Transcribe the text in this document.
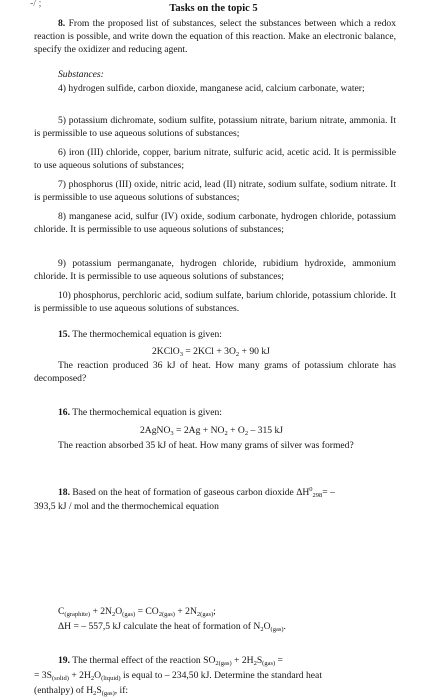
-/ ;	Tasks on the topic 5
8. From the proposed list of substances, select the substances between which a redox reaction is possible, and write down the equation of this reaction. Make an electronic balance, specify the oxidizer and reducing agent.
Substances:
4) hydrogen sulfide, carbon dioxide, manganese acid, calcium carbonate, water;
5) potassium dichromate, sodium sulfite, potassium nitrate, barium nitrate, ammonia. It is permissible to use aqueous solutions of substances;
6) iron (III) chloride, copper, barium nitrate, sulfuric acid, acetic acid. It is permissible to use aqueous solutions of substances;
7) phosphorus (III) oxide, nitric acid, lead (II) nitrate, sodium sulfate, sodium nitrate. It is permissible to use aqueous solutions of substances;
8) manganese acid, sulfur (IV) oxide, sodium carbonate, hydrogen chloride, potassium chloride. It is permissible to use aqueous solutions of substances;
9) potassium permanganate, hydrogen chloride, rubidium hydroxide, ammonium chloride. It is permissible to use aqueous solutions of substances;
10) phosphorus, perchloric acid, sodium sulfate, barium chloride, potassium chloride. It is permissible to use aqueous solutions of substances.
15. The thermochemical equation is given:
2KClO$_3$ = $2KCl + 3O_2 + 90$ kJ
The reaction produced 36 kJ of heat. How many grams of potassium chlorate has decomposed?
16. The thermochemical equation is given:
2AgNO$_3$ = $2Ag + NO_2 + O_2 - 315$ kJ
The reaction absorbed 35 kJ of heat. How many grams of silver was formed?
18. Based on the heat of formation of gaseous carbon dioxide $\Delta H^0_{298}=$ –
393,5 kJ / mol and the thermochemical equation
$C_{(graphite)} + 2N_2O_{(gas)} = CO_{2(gas)} + 2N_{2(gas)}$;
ΔH = – 557,5 kJ calculate the heat of formation of $N_2O_{(gas)}$.
19. The thermal effect of the reaction $SO_{2(gas)} + 2H_2S_{(gas)}$ =
= $3S_{(solid)} + 2H_2O_{(liquid)}$ is equal to – 234,50 kJ. Determine the standard heat
(enthalpy) of $H_2S_{(gas)}$, if:
